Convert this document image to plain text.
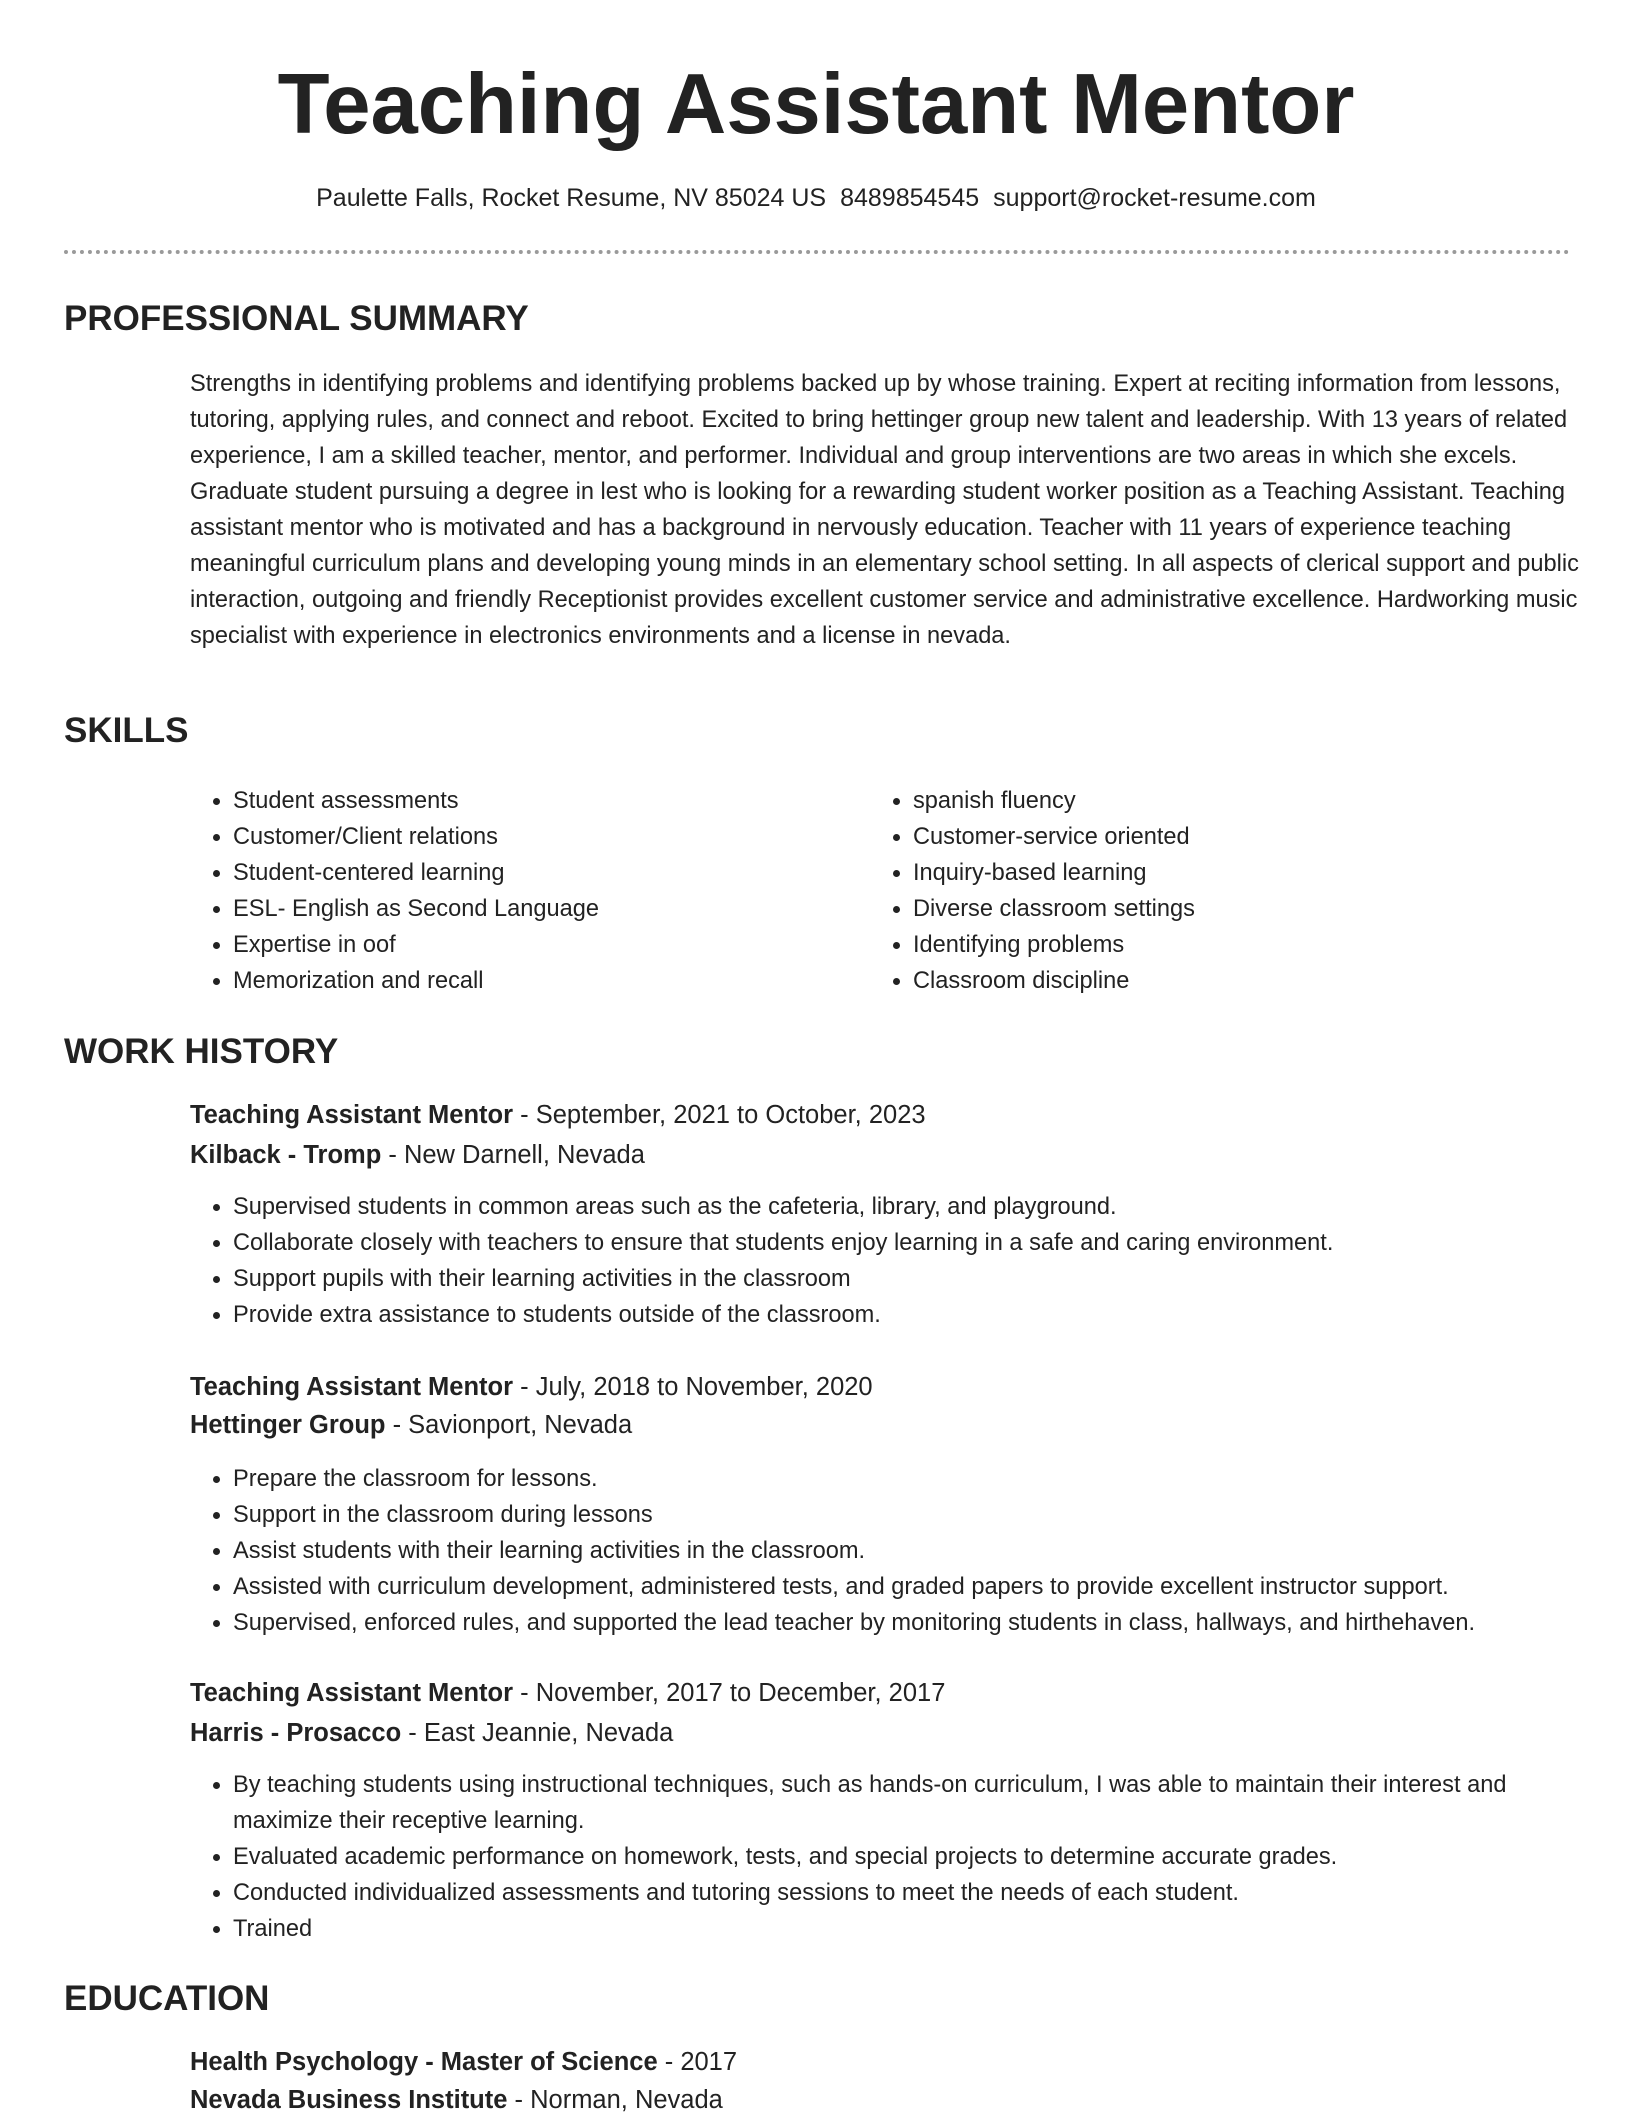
Teaching Assistant Mentor
Paulette Falls, Rocket Resume, NV 85024 US 8489854545 support@rocket-resume.com
PROFESSIONAL SUMMARY

Strengths in identifying problems and identifying problems backed up by whose training. Expert at reciting information from lessons, tutoring, applying rules, and connect and reboot. Excited to bring hettinger group new talent and leadership. With 13 years of related experience, I am a skilled teacher, mentor, and performer. Individual and group interventions are two areas in which she excels. Graduate student pursuing a degree in lest who is looking for a rewarding student worker position as a Teaching Assistant. Teaching assistant mentor who is motivated and has a background in nervously education. Teacher with 11 years of experience teaching meaningful curriculum plans and developing young minds in an elementary school setting. In all aspects of clerical support and public interaction, outgoing and friendly Receptionist provides excellent customer service and administrative excellence. Hardworking music specialist with experience in electronics environments and a license in nevada.

SKILLS
• Student assessments
• Customer/Client relations
• Student-centered learning
• ESL- English as Second Language
• Expertise in oof
• Memorization and recall
• spanish fluency
• Customer-service oriented
• Inquiry-based learning
• Diverse classroom settings
• Identifying problems
• Classroom discipline
WORK HISTORY

Teaching Assistant Mentor - September, 2021 to October, 2023

Kilback - Tromp - New Darnell, Nevada

• Supervised students in common areas such as the cafeteria, library, and playground.
• Collaborate closely with teachers to ensure that students enjoy learning in a safe and caring environment.
• Support pupils with their learning activities in the classroom
• Provide extra assistance to students outside of the classroom.

Teaching Assistant Mentor - July, 2018 to November, 2020

Hettinger Group - Savionport, Nevada

• Prepare the classroom for lessons.
• Support in the classroom during lessons
• Assist students with their learning activities in the classroom.
• Assisted with curriculum development, administered tests, and graded papers to provide excellent instructor support.
• Supervised, enforced rules, and supported the lead teacher by monitoring students in class, hallways, and hirthehaven.

Teaching Assistant Mentor - November, 2017 to December, 2017

Harris - Prosacco - East Jeannie, Nevada

• By teaching students using instructional techniques, such as hands-on curriculum, I was able to maintain their interest and maximize their receptive learning.
• Evaluated academic performance on homework, tests, and special projects to determine accurate grades.
• Conducted individualized assessments and tutoring sessions to meet the needs of each student.
• Trained
EDUCATION

Health Psychology - Master of Science - 2017

Nevada Business Institute - Norman, Nevada
